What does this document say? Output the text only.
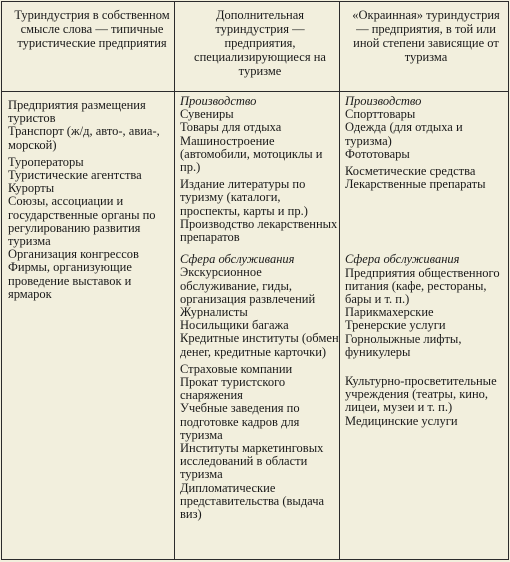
Туриндустрия в собственном смысле слова — типичные туристические предприятия
Дополнительная туриндустрия — предприятия, специализирующиеся на туризме
«Окраинная» туриндустрия — предприятия, в той или иной степени зависящие от туризма

Предприятия размещения туристов

Транспорт (ж/д, авто-, авиа-, морской)

Туроператоры

Туристические агентства

Курорты

Союзы, ассоциации и государственные органы по регулированию развития туризма

Организация конгрессов

Фирмы, организующие проведение выставок и ярмарок

Производство

Сувениры

Товары для отдыха

Машиностроение (автомобили, мотоциклы и пр.)

Издание литературы по туризму (каталоги, проспекты, карты и пр.)

Производство лекарственных препаратов

Сфера обслуживания

Экскурсионное обслуживание, гиды, организация развлечений

Журналисты

Носильщики багажа

Кредитные институты (обмен денег, кредитные карточки)

Страховые компании

Прокат туристского снаряжения

Учебные заведения по подготовке кадров для туризма

Институты маркетинговых исследований в области туризма

Дипломатические представительства (выдача виз)

Производство

Спорттовары

Одежда (для отдыха и туризма)

Фототовары

Косметические средства

Лекарственные препараты

Сфера обслуживания

Предприятия общественного питания (кафе, рестораны, бары и т. п.)

Парикмахерские

Тренерские услуги

Горнолыжные лифты, фуникулеры

Культурно-просветительные учреждения (театры, кино, лицеи, музеи и т. п.)

Медицинские услуги
